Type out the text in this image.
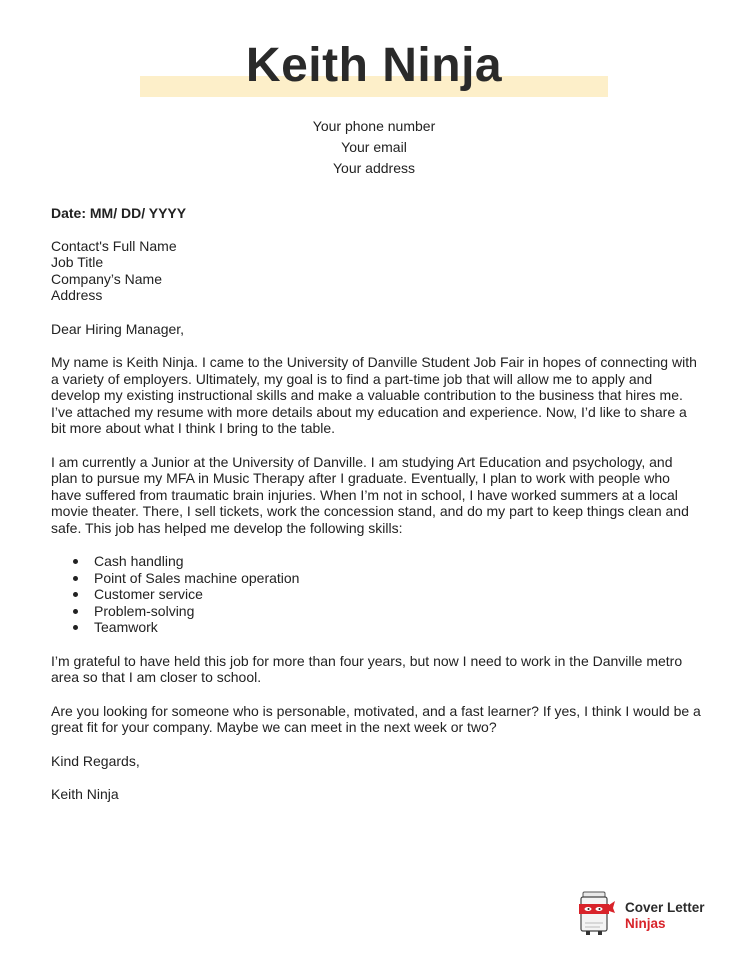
Keith Ninja
Your phone number
Your email
Your address
Date: MM/ DD/ YYYY
Contact's Full Name
Job Title
Company’s Name
Address
Dear Hiring Manager,
My name is Keith Ninja. I came to the University of Danville Student Job Fair in hopes of connecting with a variety of employers. Ultimately, my goal is to find a part-time job that will allow me to apply and develop my existing instructional skills and make a valuable contribution to the business that hires me. I’ve attached my resume with more details about my education and experience. Now, I’d like to share a bit more about what I think I bring to the table.
I am currently a Junior at the University of Danville. I am studying Art Education and psychology, and plan to pursue my MFA in Music Therapy after I graduate. Eventually, I plan to work with people who have suffered from traumatic brain injuries. When I’m not in school, I have worked summers at a local movie theater. There, I sell tickets, work the concession stand, and do my part to keep things clean and safe. This job has helped me develop the following skills:
Cash handling
Point of Sales machine operation
Customer service
Problem-solving
Teamwork
I’m grateful to have held this job for more than four years, but now I need to work in the Danville metro area so that I am closer to school.
Are you looking for someone who is personable, motivated, and a fast learner? If yes, I think I would be a great fit for your company. Maybe we can meet in the next week or two?
Kind Regards,
Keith Ninja
Cover Letter
Ninjas
